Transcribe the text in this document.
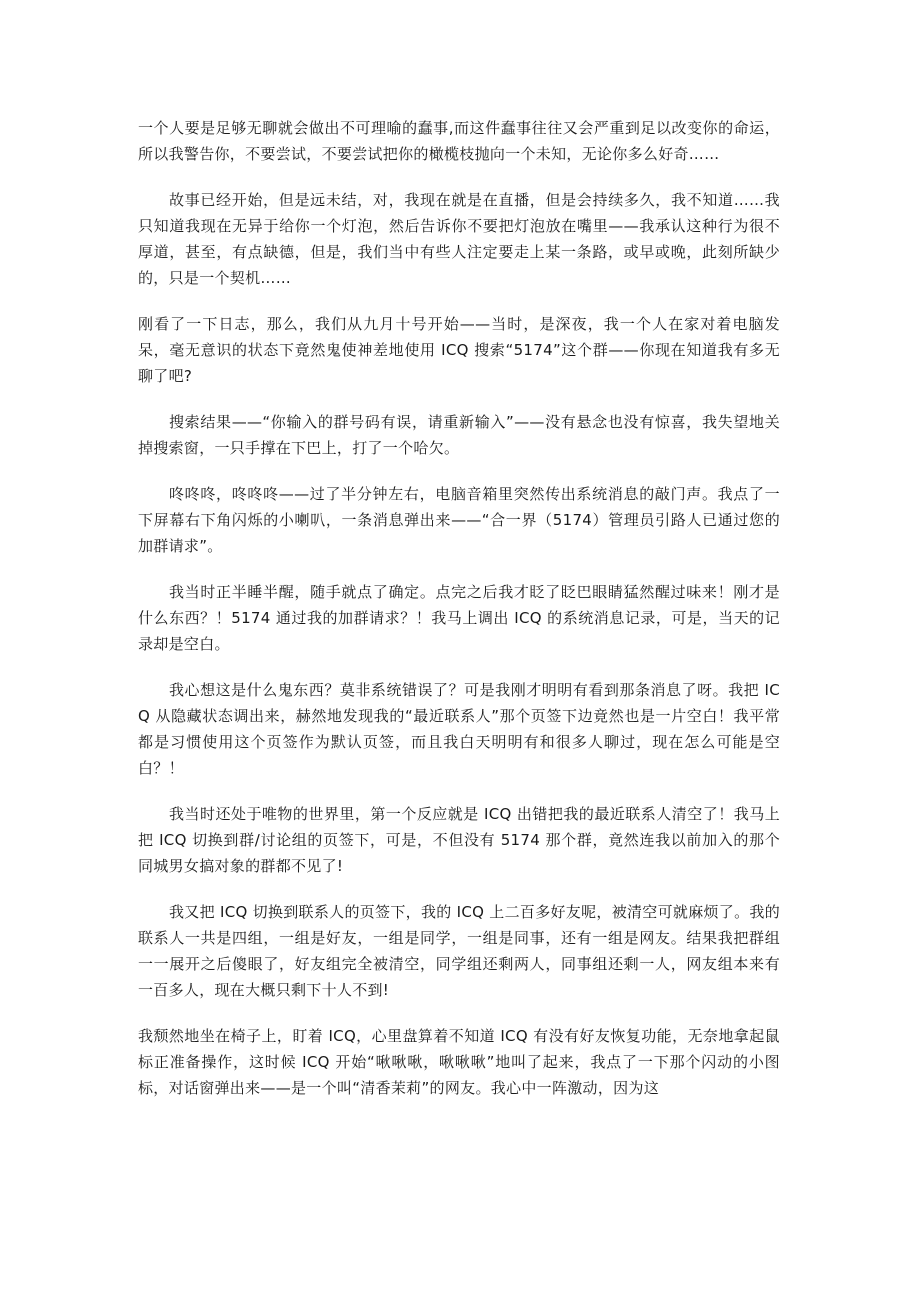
一个人要是足够无聊就会做出不可理喻的蠢事,而这件蠢事往往又会严重到足以改变你的命运，所以我警告你，不要尝试，不要尝试把你的橄榄枝抛向一个未知，无论你多么好奇……

故事已经开始，但是远未结，对，我现在就是在直播，但是会持续多久，我不知道……我只知道我现在无异于给你一个灯泡，然后告诉你不要把灯泡放在嘴里——我承认这种行为很不厚道，甚至，有点缺德，但是，我们当中有些人注定要走上某一条路，或早或晚，此刻所缺少的，只是一个契机……

刚看了一下日志，那么，我们从九月十号开始——当时，是深夜，我一个人在家对着电脑发呆，毫无意识的状态下竟然鬼使神差地使用 ICQ 搜索“5174”这个群——你现在知道我有多无聊了吧?

搜索结果——“你输入的群号码有误，请重新输入”——没有悬念也没有惊喜，我失望地关掉搜索窗，一只手撑在下巴上，打了一个哈欠。

咚咚咚，咚咚咚——过了半分钟左右，电脑音箱里突然传出系统消息的敲门声。我点了一下屏幕右下角闪烁的小喇叭，一条消息弹出来——“合一界（5174）管理员引路人已通过您的加群请求”。

我当时正半睡半醒，随手就点了确定。点完之后我才眨了眨巴眼睛猛然醒过味来！刚才是什么东西？！5174 通过我的加群请求？！我马上调出 ICQ 的系统消息记录，可是，当天的记录却是空白。

我心想这是什么鬼东西？莫非系统错误了？可是我刚才明明有看到那条消息了呀。我把 ICQ 从隐藏状态调出来，赫然地发现我的“最近联系人”那个页签下边竟然也是一片空白！我平常都是习惯使用这个页签作为默认页签，而且我白天明明有和很多人聊过，现在怎么可能是空白？！

我当时还处于唯物的世界里，第一个反应就是 ICQ 出错把我的最近联系人清空了！我马上把 ICQ 切换到群/讨论组的页签下，可是，不但没有 5174 那个群，竟然连我以前加入的那个同城男女搞对象的群都不见了!

我又把 ICQ 切换到联系人的页签下，我的 ICQ 上二百多好友呢，被清空可就麻烦了。我的联系人一共是四组，一组是好友，一组是同学，一组是同事，还有一组是网友。结果我把群组一一展开之后傻眼了，好友组完全被清空，同学组还剩两人，同事组还剩一人，网友组本来有一百多人，现在大概只剩下十人不到!

我颓然地坐在椅子上，盯着 ICQ，心里盘算着不知道 ICQ 有没有好友恢复功能，无奈地拿起鼠标正准备操作，这时候 ICQ 开始“啾啾啾，啾啾啾”地叫了起来，我点了一下那个闪动的小图标，对话窗弹出来——是一个叫“清香茉莉”的网友。我心中一阵激动，因为这
